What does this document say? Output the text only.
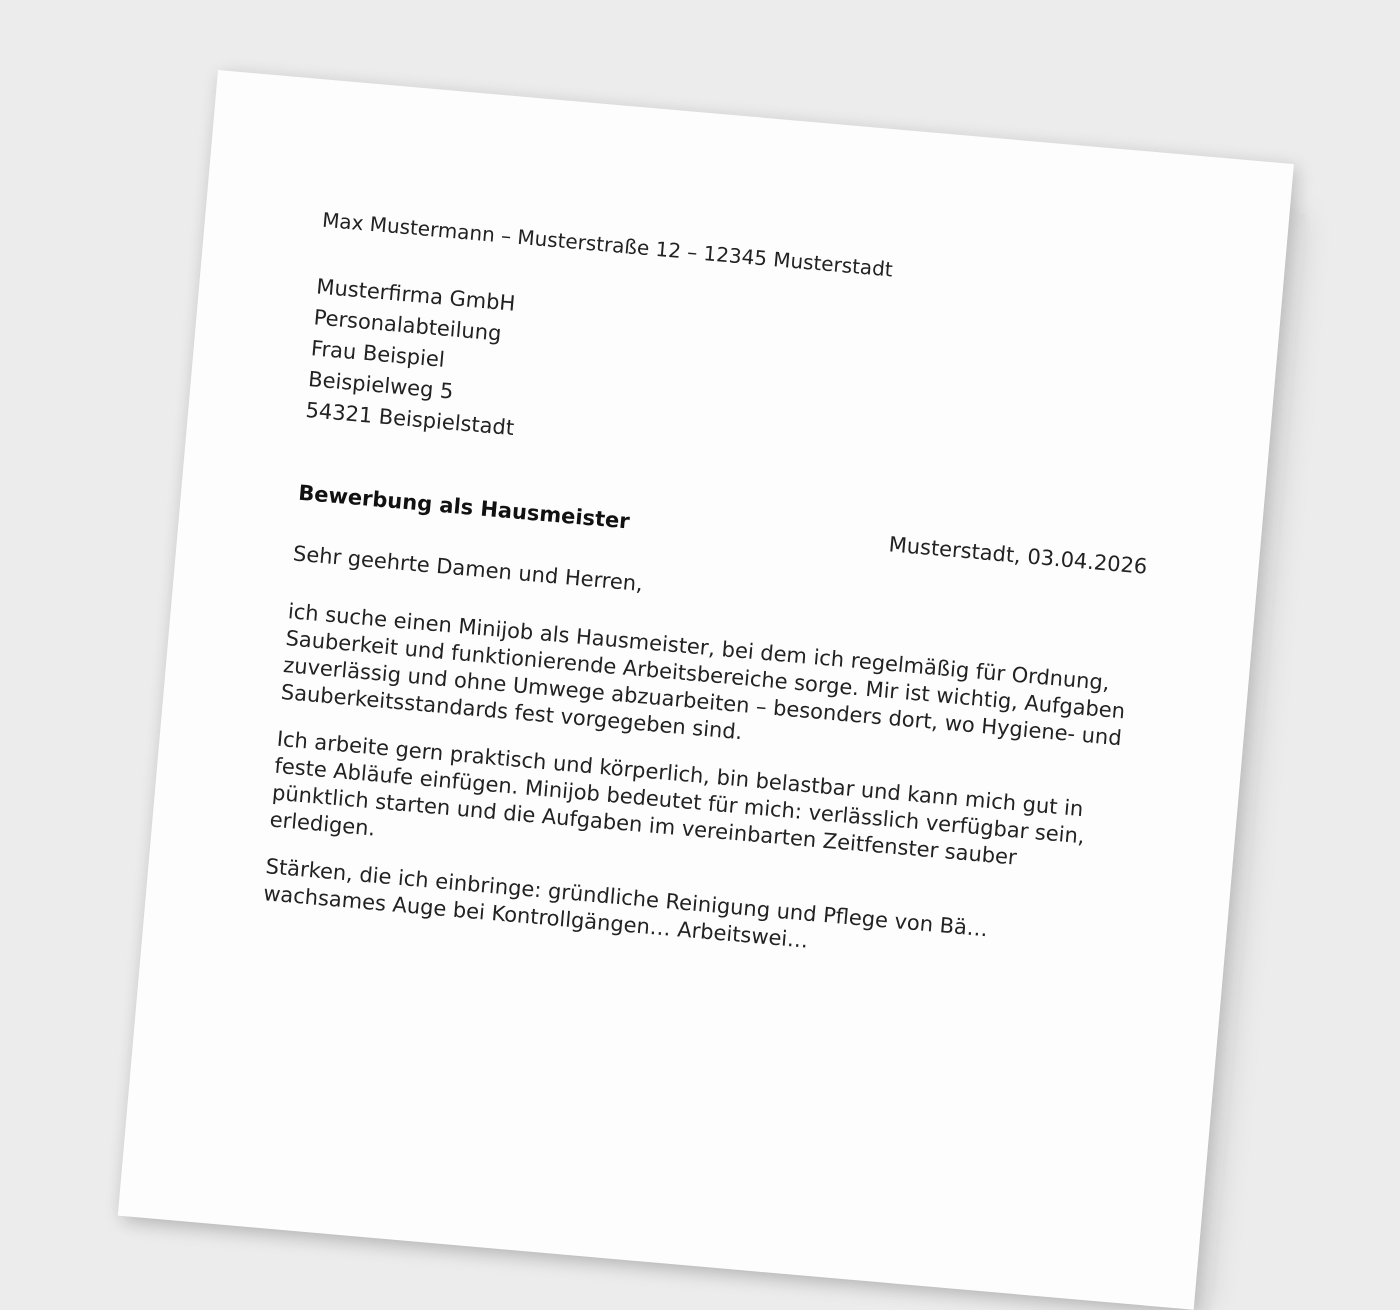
Max Mustermann – Musterstraße 12 – 12345 Musterstadt
Musterfirma GmbH
Personalabteilung
Frau Beispiel
Beispielweg 5
54321 Beispielstadt
Bewerbung als Hausmeister
Musterstadt, 03.04.2026
Sehr geehrte Damen und Herren,

ich suche einen Minijob als Hausmeister, bei dem ich regelmäßig für Ordnung, Sauberkeit und funktionierende Arbeitsbereiche sorge. Mir ist wichtig, Aufgaben zuverlässig und ohne Umwege abzuarbeiten – besonders dort, wo Hygiene- und Sauberkeitsstandards fest vorgegeben sind.

Ich arbeite gern praktisch und körperlich, bin belastbar und kann mich gut in feste Abläufe einfügen. Minijob bedeutet für mich: verlässlich verfügbar sein, pünktlich starten und die Aufgaben im vereinbarten Zeitfenster sauber erledigen.

Stärken, die ich einbringe: gründliche Reinigung und Pflege von Bä… wachsames Auge bei Kontrollgängen… Arbeitswei…
